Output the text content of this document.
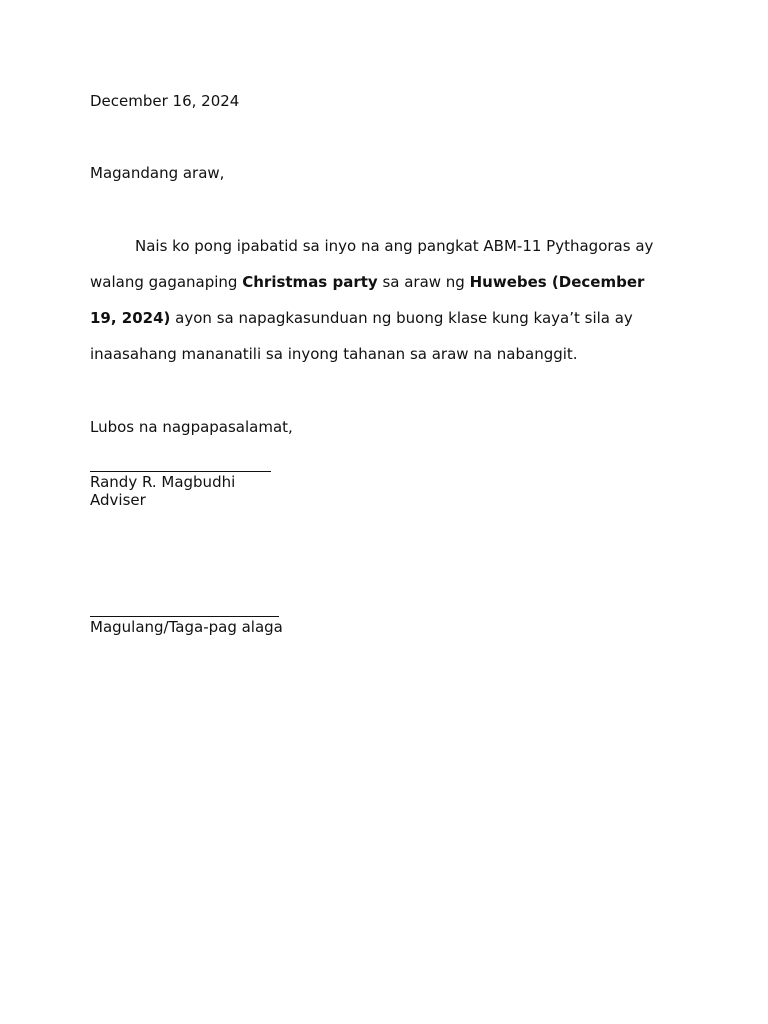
December 16, 2024
Magandang araw,
Nais ko pong ipabatid sa inyo na ang pangkat ABM-11 Pythagoras ay
walang gaganaping Christmas party sa araw ng Huwebes (December
19, 2024) ayon sa napagkasunduan ng buong klase kung kaya’t sila ay
inaasahang mananatili sa inyong tahanan sa araw na nabanggit.
Lubos na nagpapasalamat,
Randy R. Magbudhi
Adviser
Magulang/Taga-pag alaga
